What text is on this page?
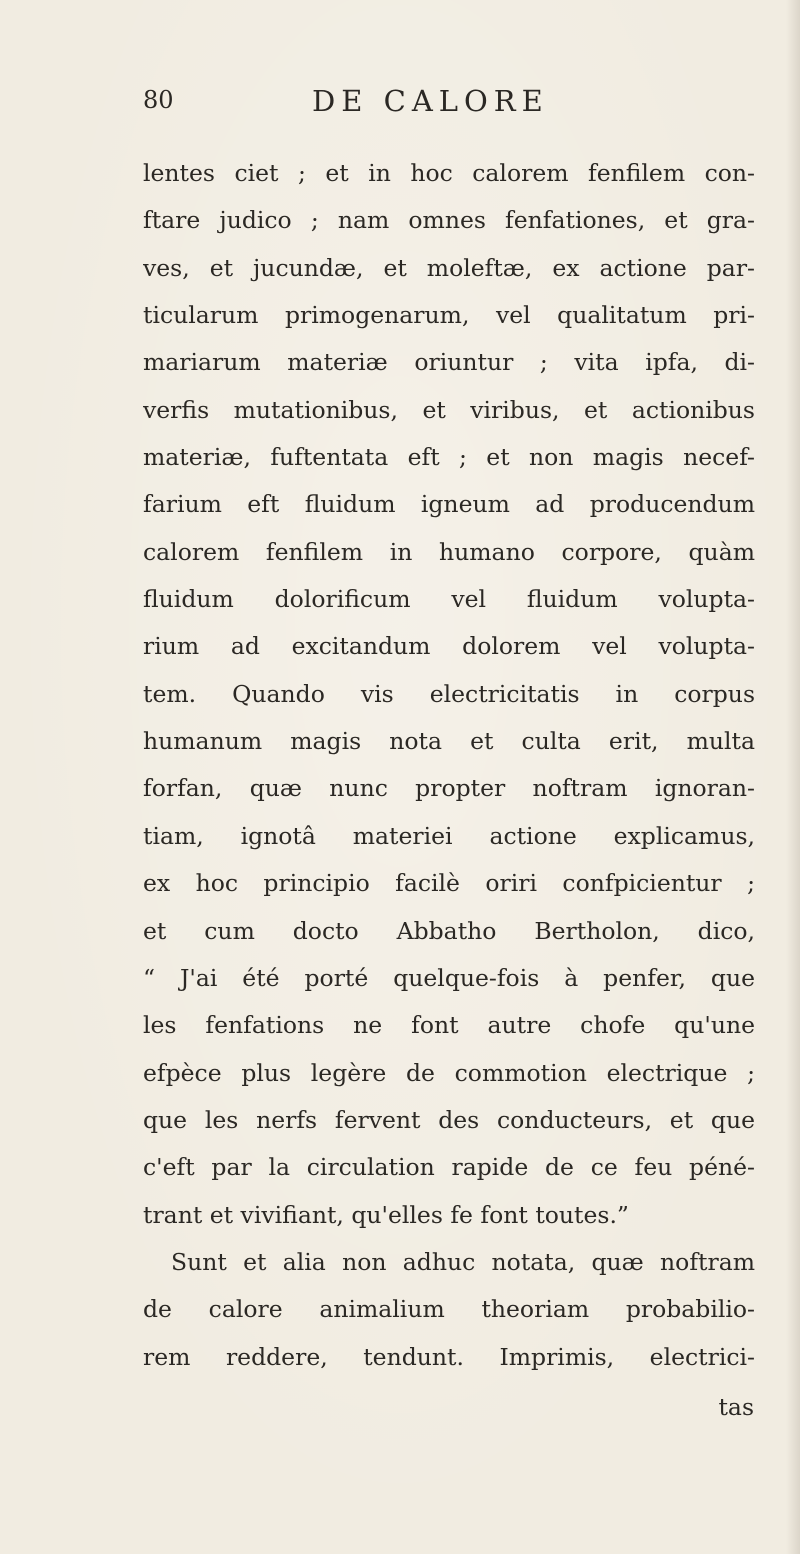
80	DE CALORE
lentes ciet ; et in hoc calorem fenfilem con-
ftare judico ; nam omnes fenfationes, et gra-
ves, et jucundæ, et moleftæ, ex actione par-
ticularum primogenarum, vel qualitatum pri-
mariarum materiæ oriuntur ; vita ipfa, di-
verfis mutationibus, et viribus, et actionibus
materiæ, fuftentata eft ; et non magis necef-
farium eft fluidum igneum ad producendum
calorem fenfilem in humano corpore, quàm
fluidum dolorificum vel fluidum volupta-
rium ad excitandum dolorem vel volupta-
tem. Quando vis electricitatis in corpus
humanum magis nota et culta erit, multa
forfan, quæ nunc propter noftram ignoran-
tiam, ignotâ materiei actione explicamus,
ex hoc principio facilè oriri confpicientur ;
et cum docto Abbatho Bertholon, dico,
“ J'ai été porté quelque-fois à penfer, que
les fenfations ne font autre chofe qu'une
efpèce plus legère de commotion electrique ;
que les nerfs fervent des conducteurs, et que
c'eft par la circulation rapide de ce feu péné-
trant et vivifiant, qu'elles fe font toutes.”
Sunt et alia non adhuc notata, quæ noftram
de calore animalium theoriam probabilio-
rem reddere, tendunt. Imprimis, electrici-
tas
